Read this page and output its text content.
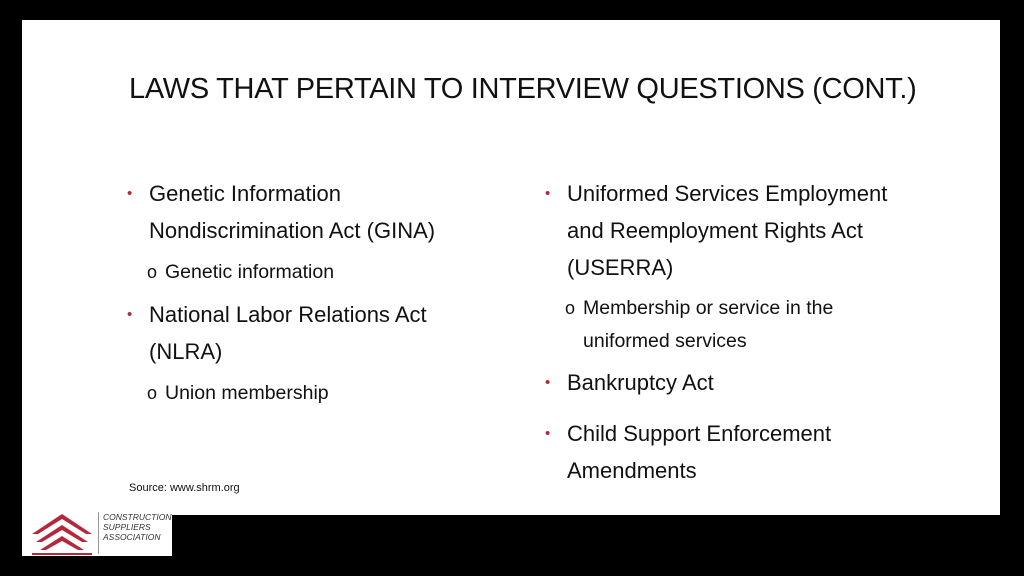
LAWS THAT PERTAIN TO INTERVIEW QUESTIONS (CONT.)
• Genetic Information Nondiscrimination Act (GINA)
o Genetic information
• National Labor Relations Act (NLRA)
o Union membership
• Uniformed Services Employment and Reemployment Rights Act (USERRA)
o Membership or service in the uniformed services
• Bankruptcy Act
• Child Support Enforcement Amendments
Source: www.shrm.org
CONSTRUCTION
SUPPLIERS
ASSOCIATION
